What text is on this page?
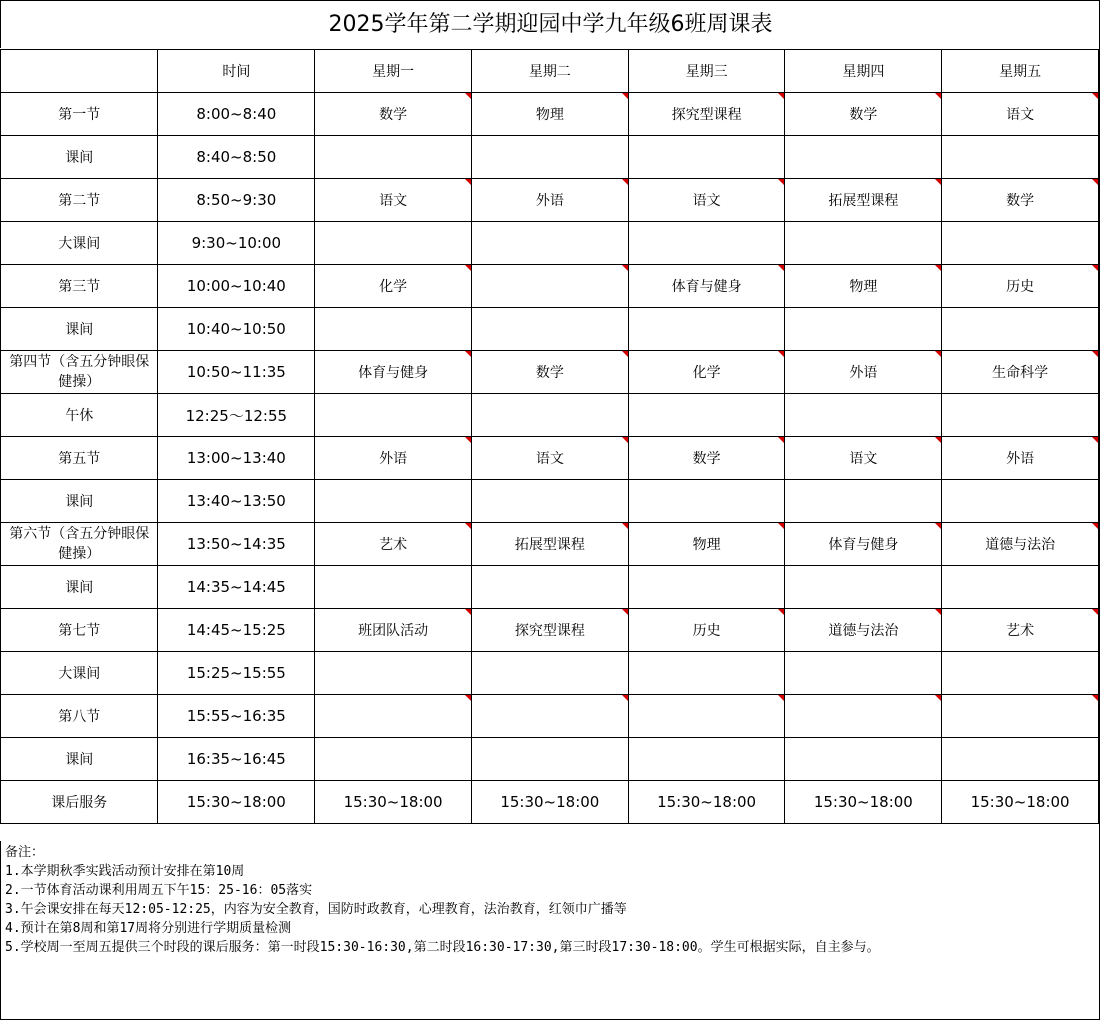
2025学年第二学期迎园中学九年级6班周课表
	时间	星期一	星期二	星期三	星期四	星期五
第一节	8:00~8:40	数学	物理	探究型课程	数学	语文

课间	8:40~8:50					
第二节	8:50~9:30	语文	外语	语文	拓展型课程	数学

大课间	9:30~10:00					
第三节	10:00~10:40	化学		体育与健身	物理	历史

课间	10:40~10:50					
第四节（含五分钟眼保健操）	10:50~11:35	体育与健身	数学	化学	外语	生命科学

午休	12:25～12:55					
第五节	13:00~13:40	外语	语文	数学	语文	外语

课间	13:40~13:50					
第六节（含五分钟眼保健操）	13:50~14:35	艺术	拓展型课程	物理	体育与健身	道德与法治

课间	14:35~14:45					
第七节	14:45~15:25	班团队活动	探究型课程	历史	道德与法治	艺术

大课间	15:25~15:55					
第八节	15:55~16:35	

课间	16:35~16:45					
课后服务	15:30~18:00	15:30~18:00	15:30~18:00	15:30~18:00	15:30~18:00	15:30~18:00
备注：
1.本学期秋季实践活动预计安排在第10周
2.一节体育活动课利用周五下午15：25-16：05落实
3.午会课安排在每天12:05-12:25，内容为安全教育，国防时政教育，心理教育，法治教育，红领巾广播等
4.预计在第8周和第17周将分别进行学期质量检测
5.学校周一至周五提供三个时段的课后服务：第一时段15:30-16:30,第二时段16:30-17:30,第三时段17:30-18:00。学生可根据实际，自主参与。
